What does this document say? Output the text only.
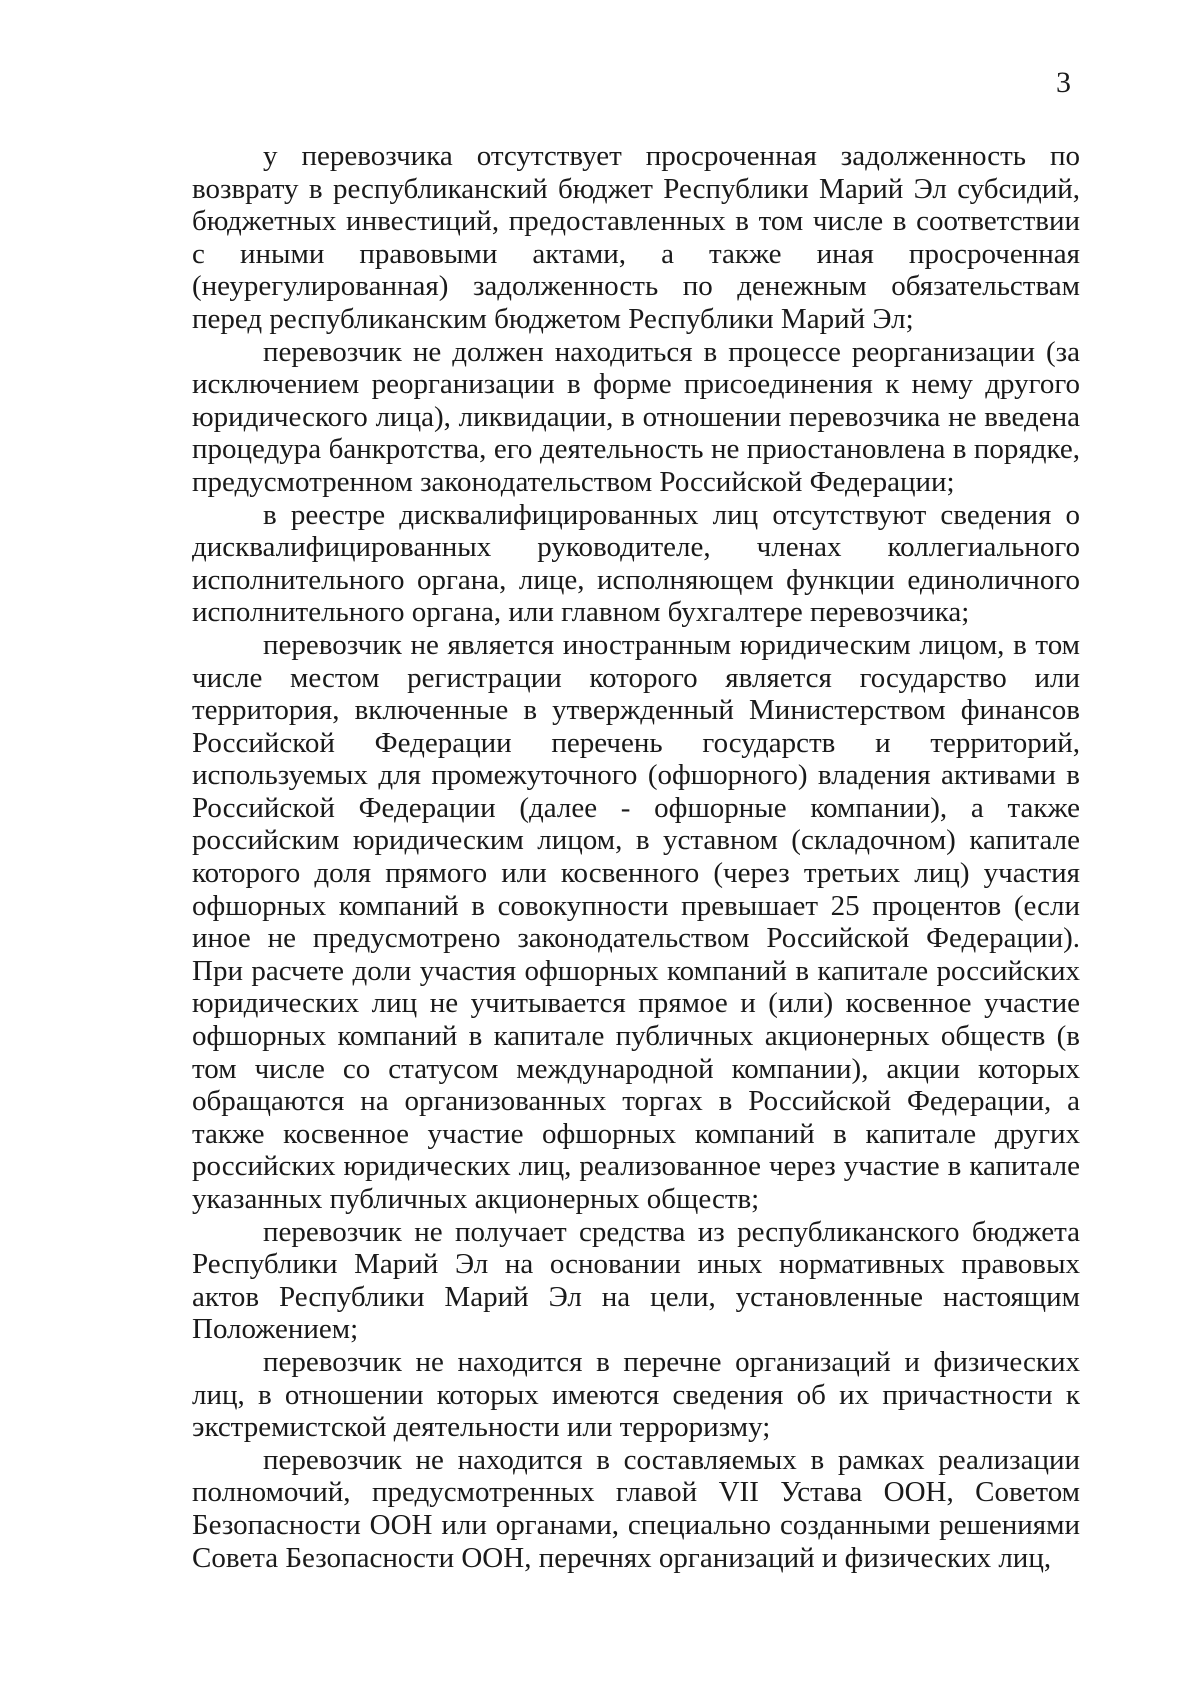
3

у перевозчика отсутствует просроченная задолженность по возврату в республиканский бюджет Республики Марий Эл субсидий, бюджетных инвестиций, предоставленных в том числе в соответствии с иными правовыми актами, а также иная просроченная (неурегулированная) задолженность по денежным обязательствам перед республиканским бюджетом Республики Марий Эл;

перевозчик не должен находиться в процессе реорганизации (за исключением реорганизации в форме присоединения к нему другого юридического лица), ликвидации, в отношении перевозчика не введена процедура банкротства, его деятельность не приостановлена в порядке, предусмотренном законодательством Российской Федерации;

в реестре дисквалифицированных лиц отсутствуют сведения о дисквалифицированных руководителе, членах коллегиального исполнительного органа, лице, исполняющем функции единоличного исполнительного органа, или главном бухгалтере перевозчика;

перевозчик не является иностранным юридическим лицом, в том числе местом регистрации которого является государство или территория, включенные в утвержденный Министерством финансов Российской Федерации перечень государств и территорий, используемых для промежуточного (офшорного) владения активами в Российской Федерации (далее - офшорные компании), а также российским юридическим лицом, в уставном (складочном) капитале которого доля прямого или косвенного (через третьих лиц) участия офшорных компаний в совокупности превышает 25 процентов (если иное не предусмотрено законодательством Российской Федерации). При расчете доли участия офшорных компаний в капитале российских юридических лиц не учитывается прямое и (или) косвенное участие офшорных компаний в капитале публичных акционерных обществ (в том числе со статусом международной компании), акции которых обращаются на организованных торгах в Российской Федерации, а также косвенное участие офшорных компаний в капитале других российских юридических лиц, реализованное через участие в капитале указанных публичных акционерных обществ;

перевозчик не получает средства из республиканского бюджета Республики Марий Эл на основании иных нормативных правовых актов Республики Марий Эл на цели, установленные настоящим Положением;

перевозчик не находится в перечне организаций и физических лиц, в отношении которых имеются сведения об их причастности к экстремистской деятельности или терроризму;

перевозчик не находится в составляемых в рамках реализации полномочий, предусмотренных главой VII Устава ООН, Советом Безопасности ООН или органами, специально созданными решениями Совета Безопасности ООН, перечнях организаций и физических лиц,
